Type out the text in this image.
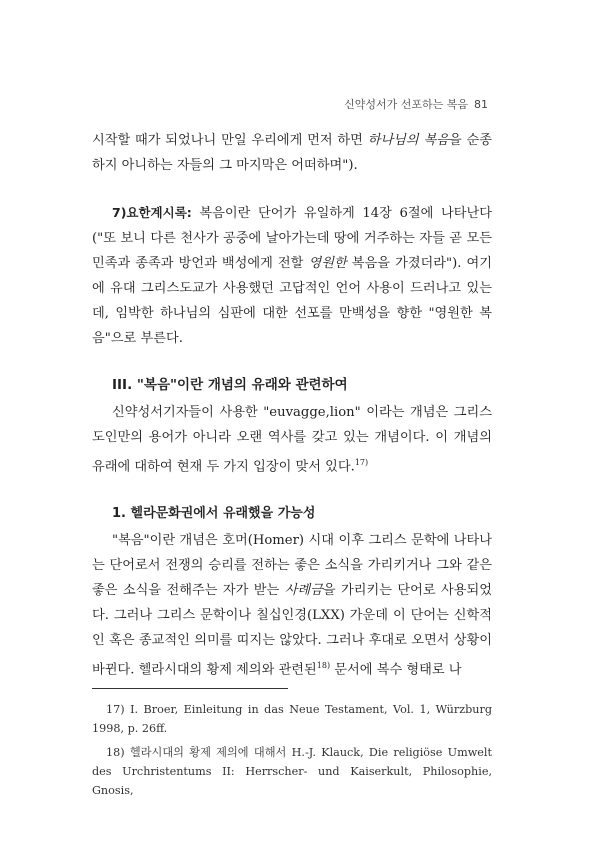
신약성서가 선포하는 복음 81

시작할 때가 되었나니 만일 우리에게 먼저 하면 하나님의 복음을 순종하지 아니하는 자들의 그 마지막은 어떠하며").

7)요한계시록: 복음이란 단어가 유일하게 14장 6절에 나타난다("또 보니 다른 천사가 공중에 날아가는데 땅에 거주하는 자들 곧 모든 민족과 종족과 방언과 백성에게 전할 영원한 복음을 가졌더라"). 여기에 유대 그리스도교가 사용했던 고답적인 언어 사용이 드러나고 있는데, 임박한 하나님의 심판에 대한 선포를 만백성을 향한 "영원한 복음"으로 부른다.

III. "복음"이란 개념의 유래와 관련하여

신약성서기자들이 사용한 "euvagge,lion" 이라는 개념은 그리스도인만의 용어가 아니라 오랜 역사를 갖고 있는 개념이다. 이 개념의 유래에 대하여 현재 두 가지 입장이 맞서 있다.$^{17)}$

1. 헬라문화권에서 유래했을 가능성

"복음"이란 개념은 호머(Homer) 시대 이후 그리스 문학에 나타나는 단어로서 전쟁의 승리를 전하는 좋은 소식을 가리키거나 그와 같은 좋은 소식을 전해주는 자가 받는 사례금을 가리키는 단어로 사용되었다. 그러나 그리스 문학이나 칠십인경(LXX) 가운데 이 단어는 신학적인 혹은 종교적인 의미를 띠지는 않았다. 그러나 후대로 오면서 상황이 바뀐다. 헬라시대의 황제 제의와 관련된$^{18)}$ 문서에 복수 형태로 나

17) I. Broer, Einleitung in das Neue Testament, Vol. 1, Würzburg 1998, p. 26ff.

18) 헬라시대의 황제 제의에 대해서 H.-J. Klauck, Die religiöse Umwelt des Urchristentums II: Herrscher- und Kaiserkult, Philosophie, Gnosis,
